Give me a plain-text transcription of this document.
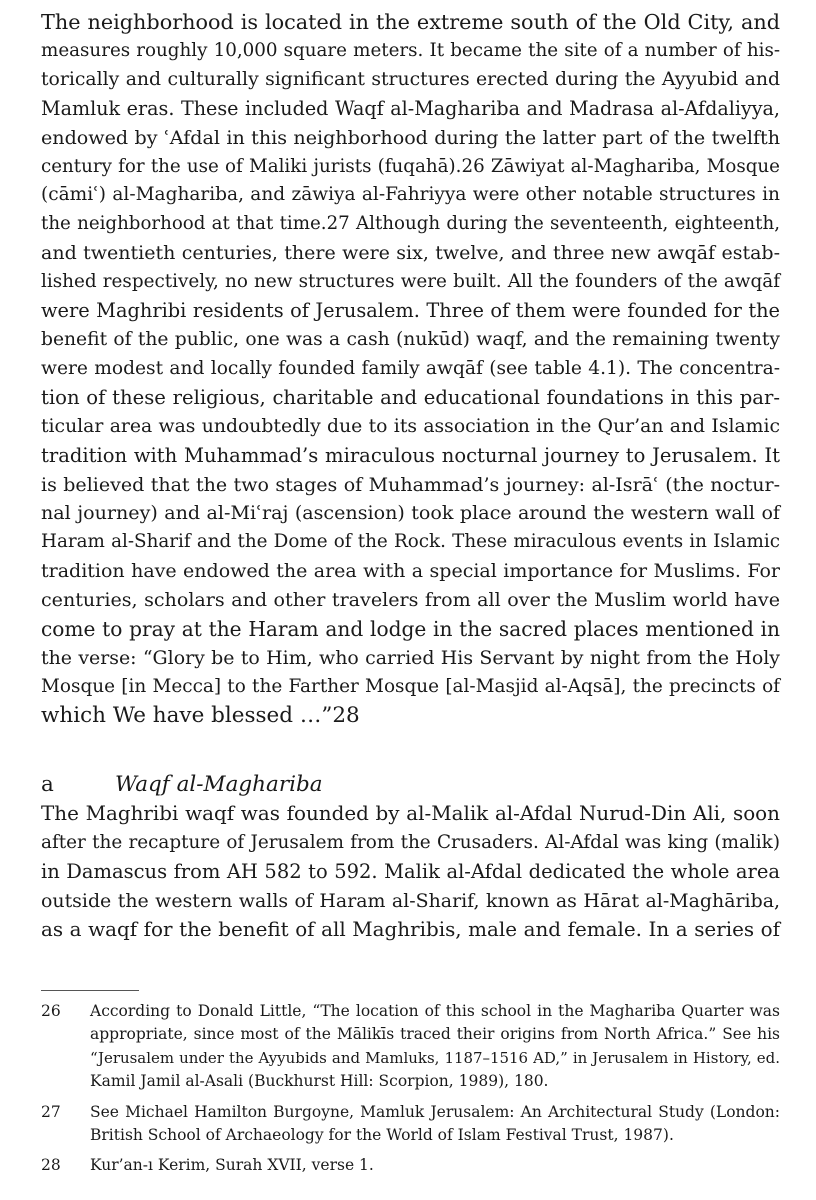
The neighborhood is located in the extreme south of the Old City, and
measures roughly 10,000 square meters. It became the site of a number of his-
torically and culturally significant structures erected during the Ayyubid and
Mamluk eras. These included Waqf al-Maghariba and Madrasa al-Afdaliyya,
endowed by ʿAfdal in this neighborhood during the latter part of the twelfth
century for the use of Maliki jurists (fuqahā).26 Zāwiyat al-Maghariba, Mosque
(cāmiʿ) al-Maghariba, and zāwiya al-Fahriyya were other notable structures in
the neighborhood at that time.27 Although during the seventeenth, eighteenth,
and twentieth centuries, there were six, twelve, and three new awqāf estab-
lished respectively, no new structures were built. All the founders of the awqāf
were Maghribi residents of Jerusalem. Three of them were founded for the
benefit of the public, one was a cash (nukūd) waqf, and the remaining twenty
were modest and locally founded family awqāf (see table 4.1). The concentra-
tion of these religious, charitable and educational foundations in this par-
ticular area was undoubtedly due to its association in the Qur’an and Islamic
tradition with Muhammad’s miraculous nocturnal journey to Jerusalem. It
is believed that the two stages of Muhammad’s journey: al-Isrāʿ (the noctur-
nal journey) and al-Miʿraj (ascension) took place around the western wall of
Haram al-Sharif and the Dome of the Rock. These miraculous events in Islamic
tradition have endowed the area with a special importance for Muslims. For
centuries, scholars and other travelers from all over the Muslim world have
come to pray at the Haram and lodge in the sacred places mentioned in
the verse: “Glory be to Him, who carried His Servant by night from the Holy
Mosque [in Mecca] to the Farther Mosque [al-Masjid al-Aqsā], the precincts of
which We have blessed …”28
a	Waqf al-Maghariba
The Maghribi waqf was founded by al-Malik al-Afdal Nurud-Din Ali, soon
after the recapture of Jerusalem from the Crusaders. Al-Afdal was king (malik)
in Damascus from AH 582 to 592. Malik al-Afdal dedicated the whole area
outside the western walls of Haram al-Sharif, known as Hārat al-Maghāriba,
as a waqf for the benefit of all Maghribis, male and female. In a series of
26	According to Donald Little, “The location of this school in the Maghariba Quarter was
appropriate, since most of the Mālikīs traced their origins from North Africa.” See his
“Jerusalem under the Ayyubids and Mamluks, 1187–1516 AD,” in Jerusalem in History, ed.
Kamil Jamil al-Asali (Buckhurst Hill: Scorpion, 1989), 180.
27	See Michael Hamilton Burgoyne, Mamluk Jerusalem: An Architectural Study (London:
British School of Archaeology for the World of Islam Festival Trust, 1987).
28	Kur’an-ı Kerim, Surah XVII, verse 1.
